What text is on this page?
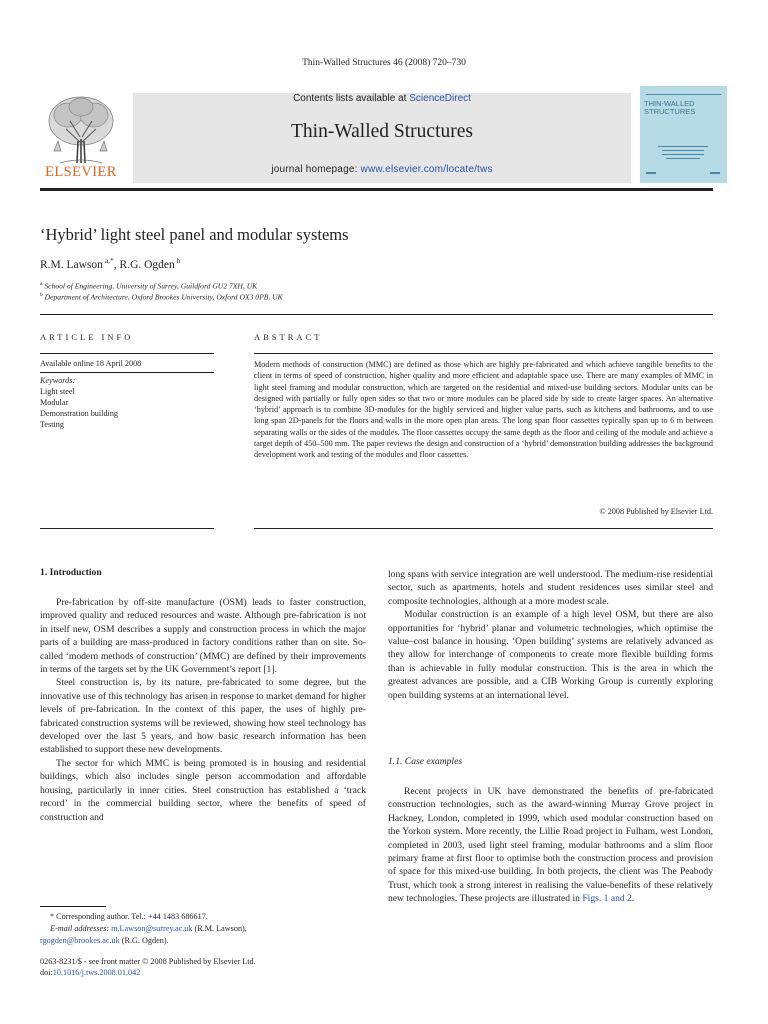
Thin-Walled Structures 46 (2008) 720–730
Contents lists available at ScienceDirect
Thin-Walled Structures
journal homepage: www.elsevier.com/locate/tws
ELSEVIER
THIN-WALLED STRUCTURES
‘Hybrid’ light steel panel and modular systems
R.M. Lawson $^{a,*}$, R.G. Ogden $^b$
$^a$ School of Engineering, University of Surrey, Guildford GU2 7XH, UK
$^b$ Department of Architecture, Oxford Brookes University, Oxford OX3 0PB, UK
ARTICLE INFO
Available online 18 April 2008
Keywords:
Light steel
Modular
Demonstration building
Testing
ABSTRACT
Modern methods of construction (MMC) are defined as those which are highly pre-fabricated and which achieve tangible benefits to the client in terms of speed of construction, higher quality and more efficient and adaptable space use. There are many examples of MMC in light steel framing and modular construction, which are targeted on the residential and mixed-use building sectors. Modular units can be designed with partially or fully open sides so that two or more modules can be placed side by side to create larger spaces. An alternative ‘hybrid’ approach is to combine 3D-modules for the highly serviced and higher value parts, such as kitchens and bathrooms, and to use long span 2D-panels for the floors and walls in the more open plan areas. The long span floor cassettes typically span up to 6 m between separating walls or the sides of the modules. The floor cassettes occupy the same depth as the floor and ceiling of the module and achieve a target depth of 450–500 mm. The paper reviews the design and construction of a ‘hybrid’ demonstration building addresses the background development work and testing of the modules and floor cassettes.
© 2008 Published by Elsevier Ltd.
1. Introduction

Pre-fabrication by off-site manufacture (OSM) leads to faster construction, improved quality and reduced resources and waste. Although pre-fabrication is not in itself new, OSM describes a supply and construction process in which the major parts of a building are mass-produced in factory conditions rather than on site. So-called ‘modern methods of construction’ (MMC) are defined by their improvements in terms of the targets set by the UK Government’s report [1].

Steel construction is, by its nature, pre-fabricated to some degree, but the innovative use of this technology has arisen in response to market demand for higher levels of pre-fabrication. In the context of this paper, the uses of highly pre-fabricated construction systems will be reviewed, showing how steel technology has developed over the last 5 years, and how basic research information has been established to support these new developments.

The sector for which MMC is being promoted is in housing and residential buildings, which also includes single person accommodation and affordable housing, particularly in inner cities. Steel construction has established a ‘track record’ in the commercial building sector, where the benefits of speed of construction and

long spans with service integration are well understood. The medium-rise residential sector, such as apartments, hotels and student residences uses similar steel and composite technologies, although at a more modest scale.

Modular construction is an example of a high level OSM, but there are also opportunities for ‘hybrid’ planar and volumetric technologies, which optimise the value–cost balance in housing. ‘Open building’ systems are relatively advanced as they allow for interchange of components to create more flexible building forms than is achievable in fully modular construction. This is the area in which the greatest advances are possible, and a CIB Working Group is currently exploring open building systems at an international level.

1.1. Case examples

Recent projects in UK have demonstrated the benefits of pre-fabricated construction technologies, such as the award-winning Murray Grove project in Hackney, London, completed in 1999, which used modular construction based on the Yorkon system. More recently, the Lillie Road project in Fulham, west London, completed in 2003, used light steel framing, modular bathrooms and a slim floor primary frame at first floor to optimise both the construction process and provision of space for this mixed-use building. In both projects, the client was The Peabody Trust, which took a strong interest in realising the value-benefits of these relatively new technologies. These projects are illustrated in Figs. 1 and 2.

* Corresponding author. Tel.: +44 1483 686617.
E-mail addresses: m.Lawson@surrey.ac.uk (R.M. Lawson),
rgogden@brookes.ac.uk (R.G. Ogden).
0263-8231/$ - see front matter © 2008 Published by Elsevier Ltd.
doi:10.1016/j.tws.2008.01.042
